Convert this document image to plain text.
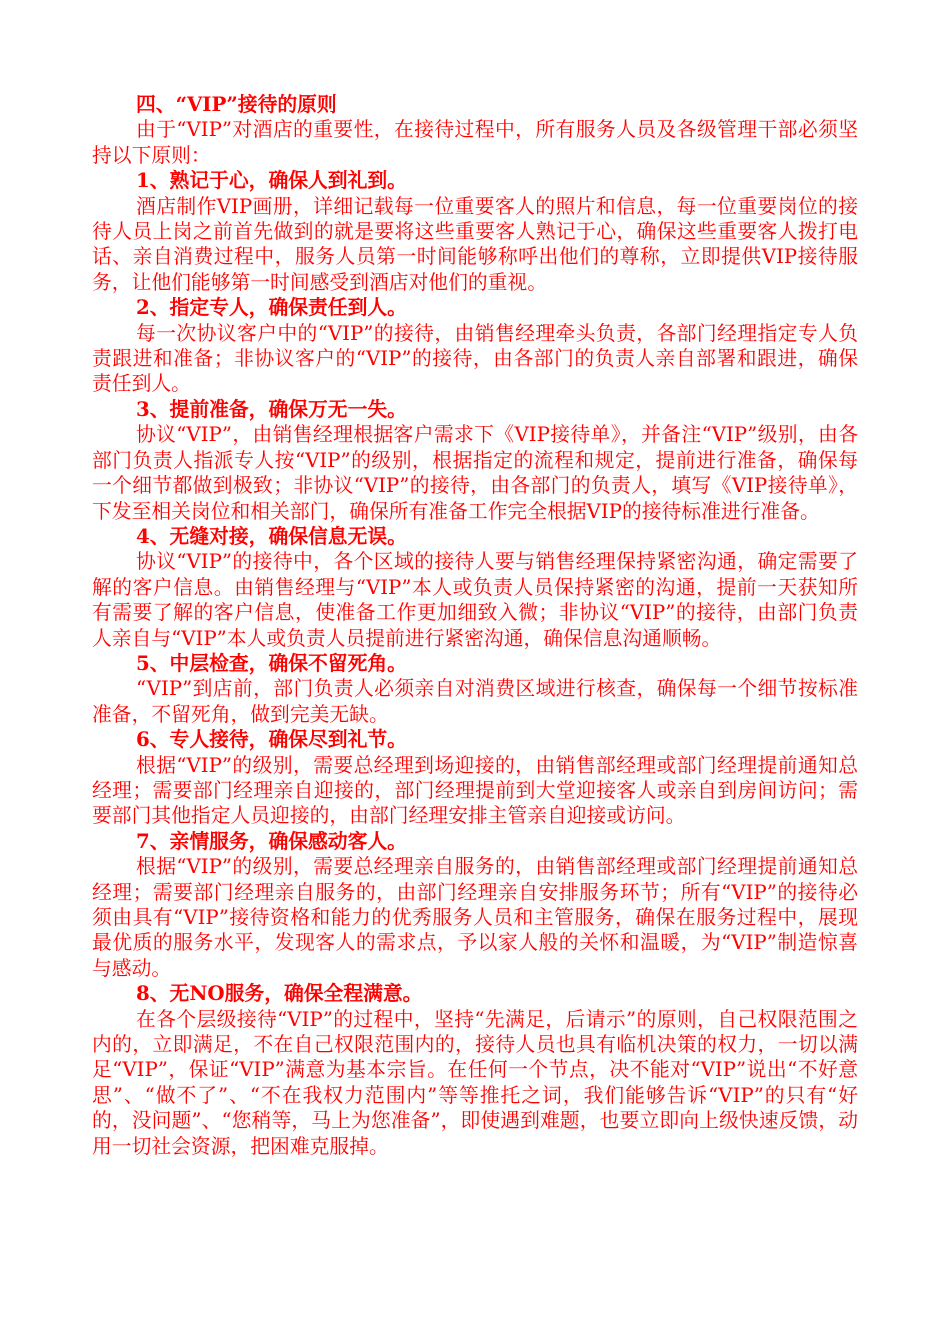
四、“VIP”接待的原则

由于“VIP”对酒店的重要性，在接待过程中，所有服务人员及各级管理干部必须坚持以下原则：

1、熟记于心，确保人到礼到。

酒店制作VIP画册，详细记载每一位重要客人的照片和信息，每一位重要岗位的接待人员上岗之前首先做到的就是要将这些重要客人熟记于心，确保这些重要客人拨打电话、亲自消费过程中，服务人员第一时间能够称呼出他们的尊称，立即提供VIP接待服务，让他们能够第一时间感受到酒店对他们的重视。

2、指定专人，确保责任到人。

每一次协议客户中的“VIP”的接待，由销售经理牵头负责，各部门经理指定专人负责跟进和准备；非协议客户的“VIP”的接待，由各部门的负责人亲自部署和跟进，确保责任到人。

3、提前准备，确保万无一失。

协议“VIP”，由销售经理根据客户需求下《VIP接待单》，并备注“VIP”级别，由各部门负责人指派专人按“VIP”的级别，根据指定的流程和规定，提前进行准备，确保每一个细节都做到极致；非协议“VIP”的接待，由各部门的负责人，填写《VIP接待单》，下发至相关岗位和相关部门，确保所有准备工作完全根据VIP的接待标准进行准备。

4、无缝对接，确保信息无误。

协议“VIP”的接待中，各个区域的接待人要与销售经理保持紧密沟通，确定需要了解的客户信息。由销售经理与“VIP”本人或负责人员保持紧密的沟通，提前一天获知所有需要了解的客户信息，使准备工作更加细致入微；非协议“VIP”的接待，由部门负责人亲自与“VIP”本人或负责人员提前进行紧密沟通，确保信息沟通顺畅。

5、中层检查，确保不留死角。

“VIP”到店前，部门负责人必须亲自对消费区域进行核查，确保每一个细节按标准准备，不留死角，做到完美无缺。

6、专人接待，确保尽到礼节。

根据“VIP”的级别，需要总经理到场迎接的，由销售部经理或部门经理提前通知总经理；需要部门经理亲自迎接的，部门经理提前到大堂迎接客人或亲自到房间访问；需要部门其他指定人员迎接的，由部门经理安排主管亲自迎接或访问。

7、亲情服务，确保感动客人。

根据“VIP”的级别，需要总经理亲自服务的，由销售部经理或部门经理提前通知总经理；需要部门经理亲自服务的，由部门经理亲自安排服务环节；所有“VIP”的接待必须由具有“VIP”接待资格和能力的优秀服务人员和主管服务，确保在服务过程中，展现最优质的服务水平，发现客人的需求点，予以家人般的关怀和温暖，为“VIP”制造惊喜与感动。

8、无NO服务，确保全程满意。

在各个层级接待“VIP”的过程中，坚持“先满足，后请示”的原则，自己权限范围之内的，立即满足，不在自己权限范围内的，接待人员也具有临机决策的权力，一切以满足“VIP”，保证“VIP”满意为基本宗旨。在任何一个节点，决不能对“VIP”说出“不好意思”、“做不了”、“不在我权力范围内”等等推托之词，我们能够告诉“VIP”的只有“好的，没问题”、“您稍等，马上为您准备”，即使遇到难题，也要立即向上级快速反馈，动用一切社会资源，把困难克服掉。
